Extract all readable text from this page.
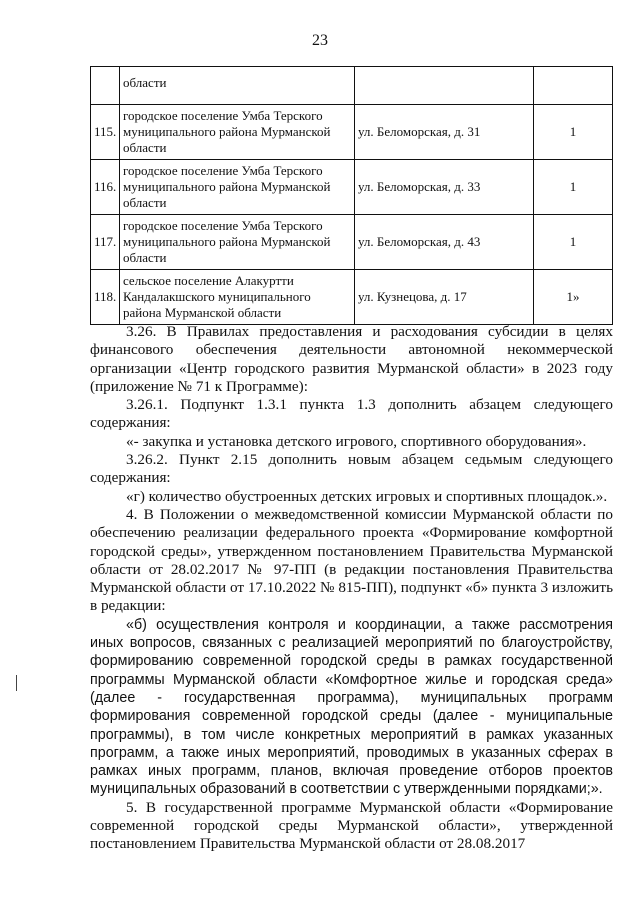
23
	области		
115.	городское поселение Умба Терского муниципального района Мурманской области	ул. Беломорская, д. 31	1
116.	городское поселение Умба Терского муниципального района Мурманской области	ул. Беломорская, д. 33	1
117.	городское поселение Умба Терского муниципального района Мурманской области	ул. Беломорская, д. 43	1
118.	сельское поселение Алакуртти Кандалакшского муниципального района Мурманской области	ул. Кузнецова, д. 17	1»

3.26. В Правилах предоставления и расходования субсидии в целях финансового обеспечения деятельности автономной некоммерческой организации «Центр городского развития Мурманской области» в 2023 году (приложение № 71 к Программе):

3.26.1. Подпункт 1.3.1 пункта 1.3 дополнить абзацем следующего содержания:

«- закупка и установка детского игрового, спортивного оборудования».

3.26.2. Пункт 2.15 дополнить новым абзацем седьмым следующего содержания:

«г) количество обустроенных детских игровых и спортивных площадок.».

4. В Положении о межведомственной комиссии Мурманской области по обеспечению реализации федерального проекта «Формирование комфортной городской среды», утвержденном постановлением Правительства Мурманской области от 28.02.2017 № 97-ПП (в редакции постановления Правительства Мурманской области от 17.10.2022 № 815-ПП), подпункт «б» пункта 3 изложить в редакции:

«б) осуществления контроля и координации, а также рассмотрения иных вопросов, связанных с реализацией мероприятий по благоустройству, формированию современной городской среды в рамках государственной программы Мурманской области «Комфортное жилье и городская среда» (далее - государственная программа), муниципальных программ формирования современной городской среды (далее - муниципальные программы), в том числе конкретных мероприятий в рамках указанных программ, а также иных мероприятий, проводимых в указанных сферах в рамках иных программ, планов, включая проведение отборов проектов муниципальных образований в соответствии с утвержденными порядками;».

5. В государственной программе Мурманской области «Формирование современной городской среды Мурманской области», утвержденной постановлением Правительства Мурманской области от 28.08.2017
